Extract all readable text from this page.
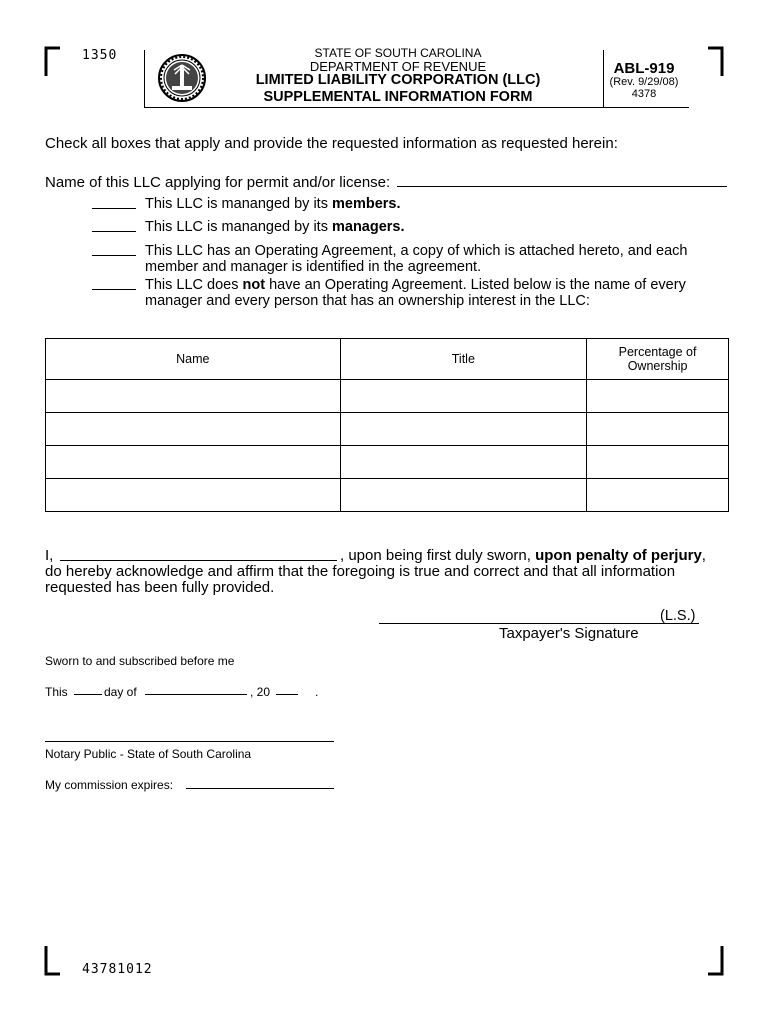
1350	STATE OF SOUTH CAROLINA
DEPARTMENT OF REVENUE
LIMITED LIABILITY CORPORATION (LLC)
SUPPLEMENTAL INFORMATION FORM
ABL-919
(Rev. 9/29/08)
4378
Check all boxes that apply and provide the requested information as requested herein:
Name of this LLC applying for permit and/or license:
This LLC is mananged by its members.
This LLC is mananged by its managers.
This LLC has an Operating Agreement, a copy of which is attached hereto, and each member and manager is identified in the agreement.
This LLC does not have an Operating Agreement. Listed below is the name of every manager and every person that has an ownership interest in the LLC:
Name	Title	Percentage of
Ownership

I,	, upon being first duly sworn, upon penalty of perjury,
do hereby acknowledge and affirm that the foregoing is true and correct and that all information
requested has been fully provided.
(L.S.)
Taxpayer's Signature
Sworn to and subscribed before me
This	day of	, 20	.
Notary Public - State of South Carolina
My commission expires:
43781012
